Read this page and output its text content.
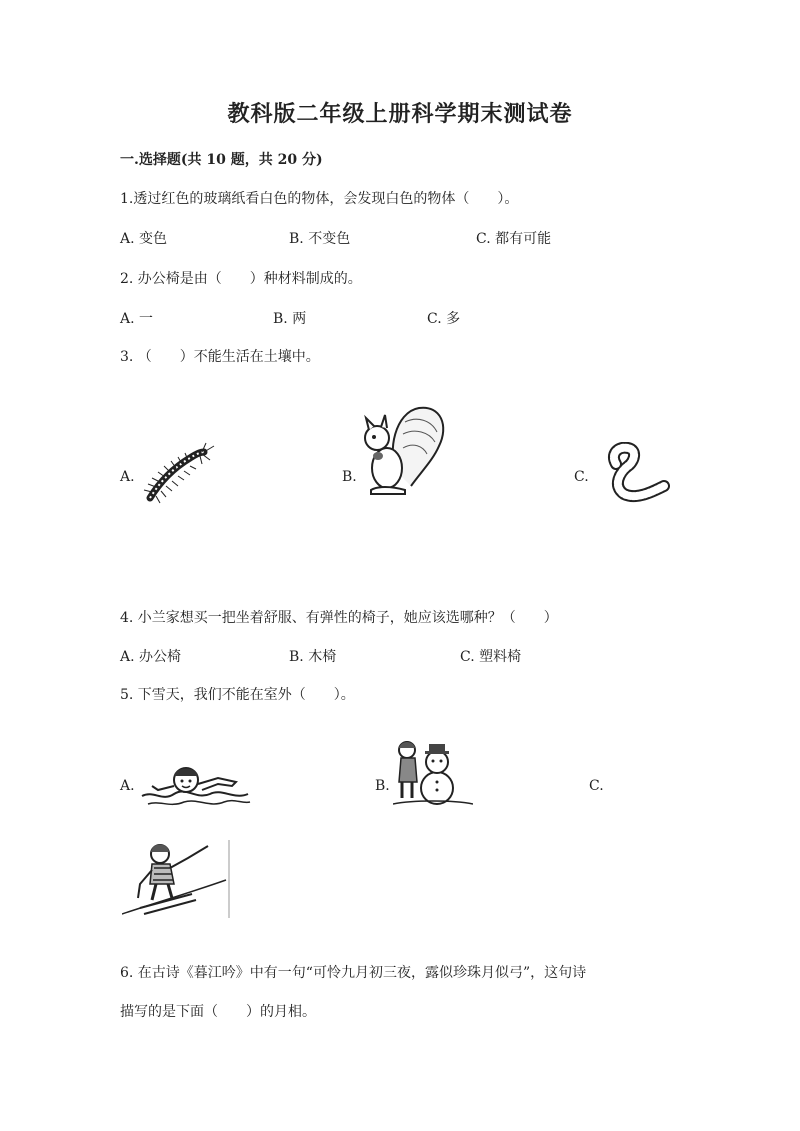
教科版二年级上册科学期末测试卷
一.选择题(共 10 题，共 20 分)
1.透过红色的玻璃纸看白色的物体，会发现白色的物体（　　）。
A. 变色	B. 不变色	C. 都有可能
2. 办公椅是由（　　）种材料制成的。
A. 一	B. 两	C. 多
3. （　　）不能生活在土壤中。
A.	B.	C.
4. 小兰家想买一把坐着舒服、有弹性的椅子，她应该选哪种？（　　）
A. 办公椅	B. 木椅	C. 塑料椅
5. 下雪天，我们不能在室外（　　）。
A.	B.	C.
6. 在古诗《暮江吟》中有一句“可怜九月初三夜，露似珍珠月似弓”，这句诗
描写的是下面（　　）的月相。
